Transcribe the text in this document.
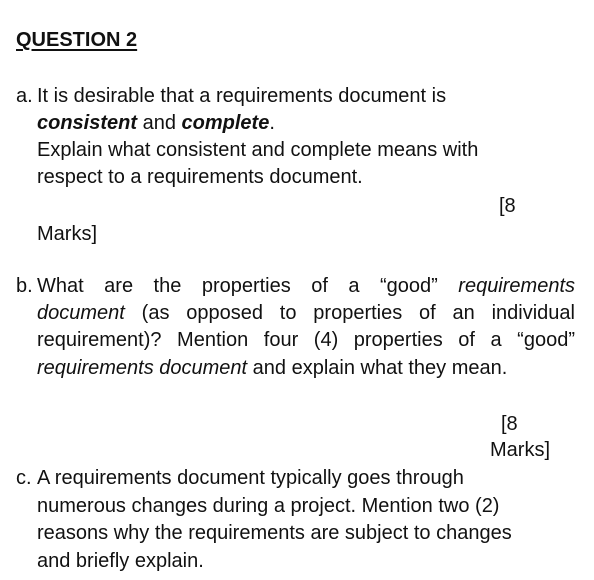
QUESTION 2
a. It is desirable that a requirements document is
consistent and complete.
Explain what consistent and complete means with
respect to a requirements document.
[8
Marks]
b. What are the properties of a “good” requirements
document (as opposed to properties of an individual
requirement)? Mention four (4) properties of a “good”
requirements document and explain what they mean.
[8
Marks]
c. A requirements document typically goes through
numerous changes during a project. Mention two (2)
reasons why the requirements are subject to changes
and briefly explain.
